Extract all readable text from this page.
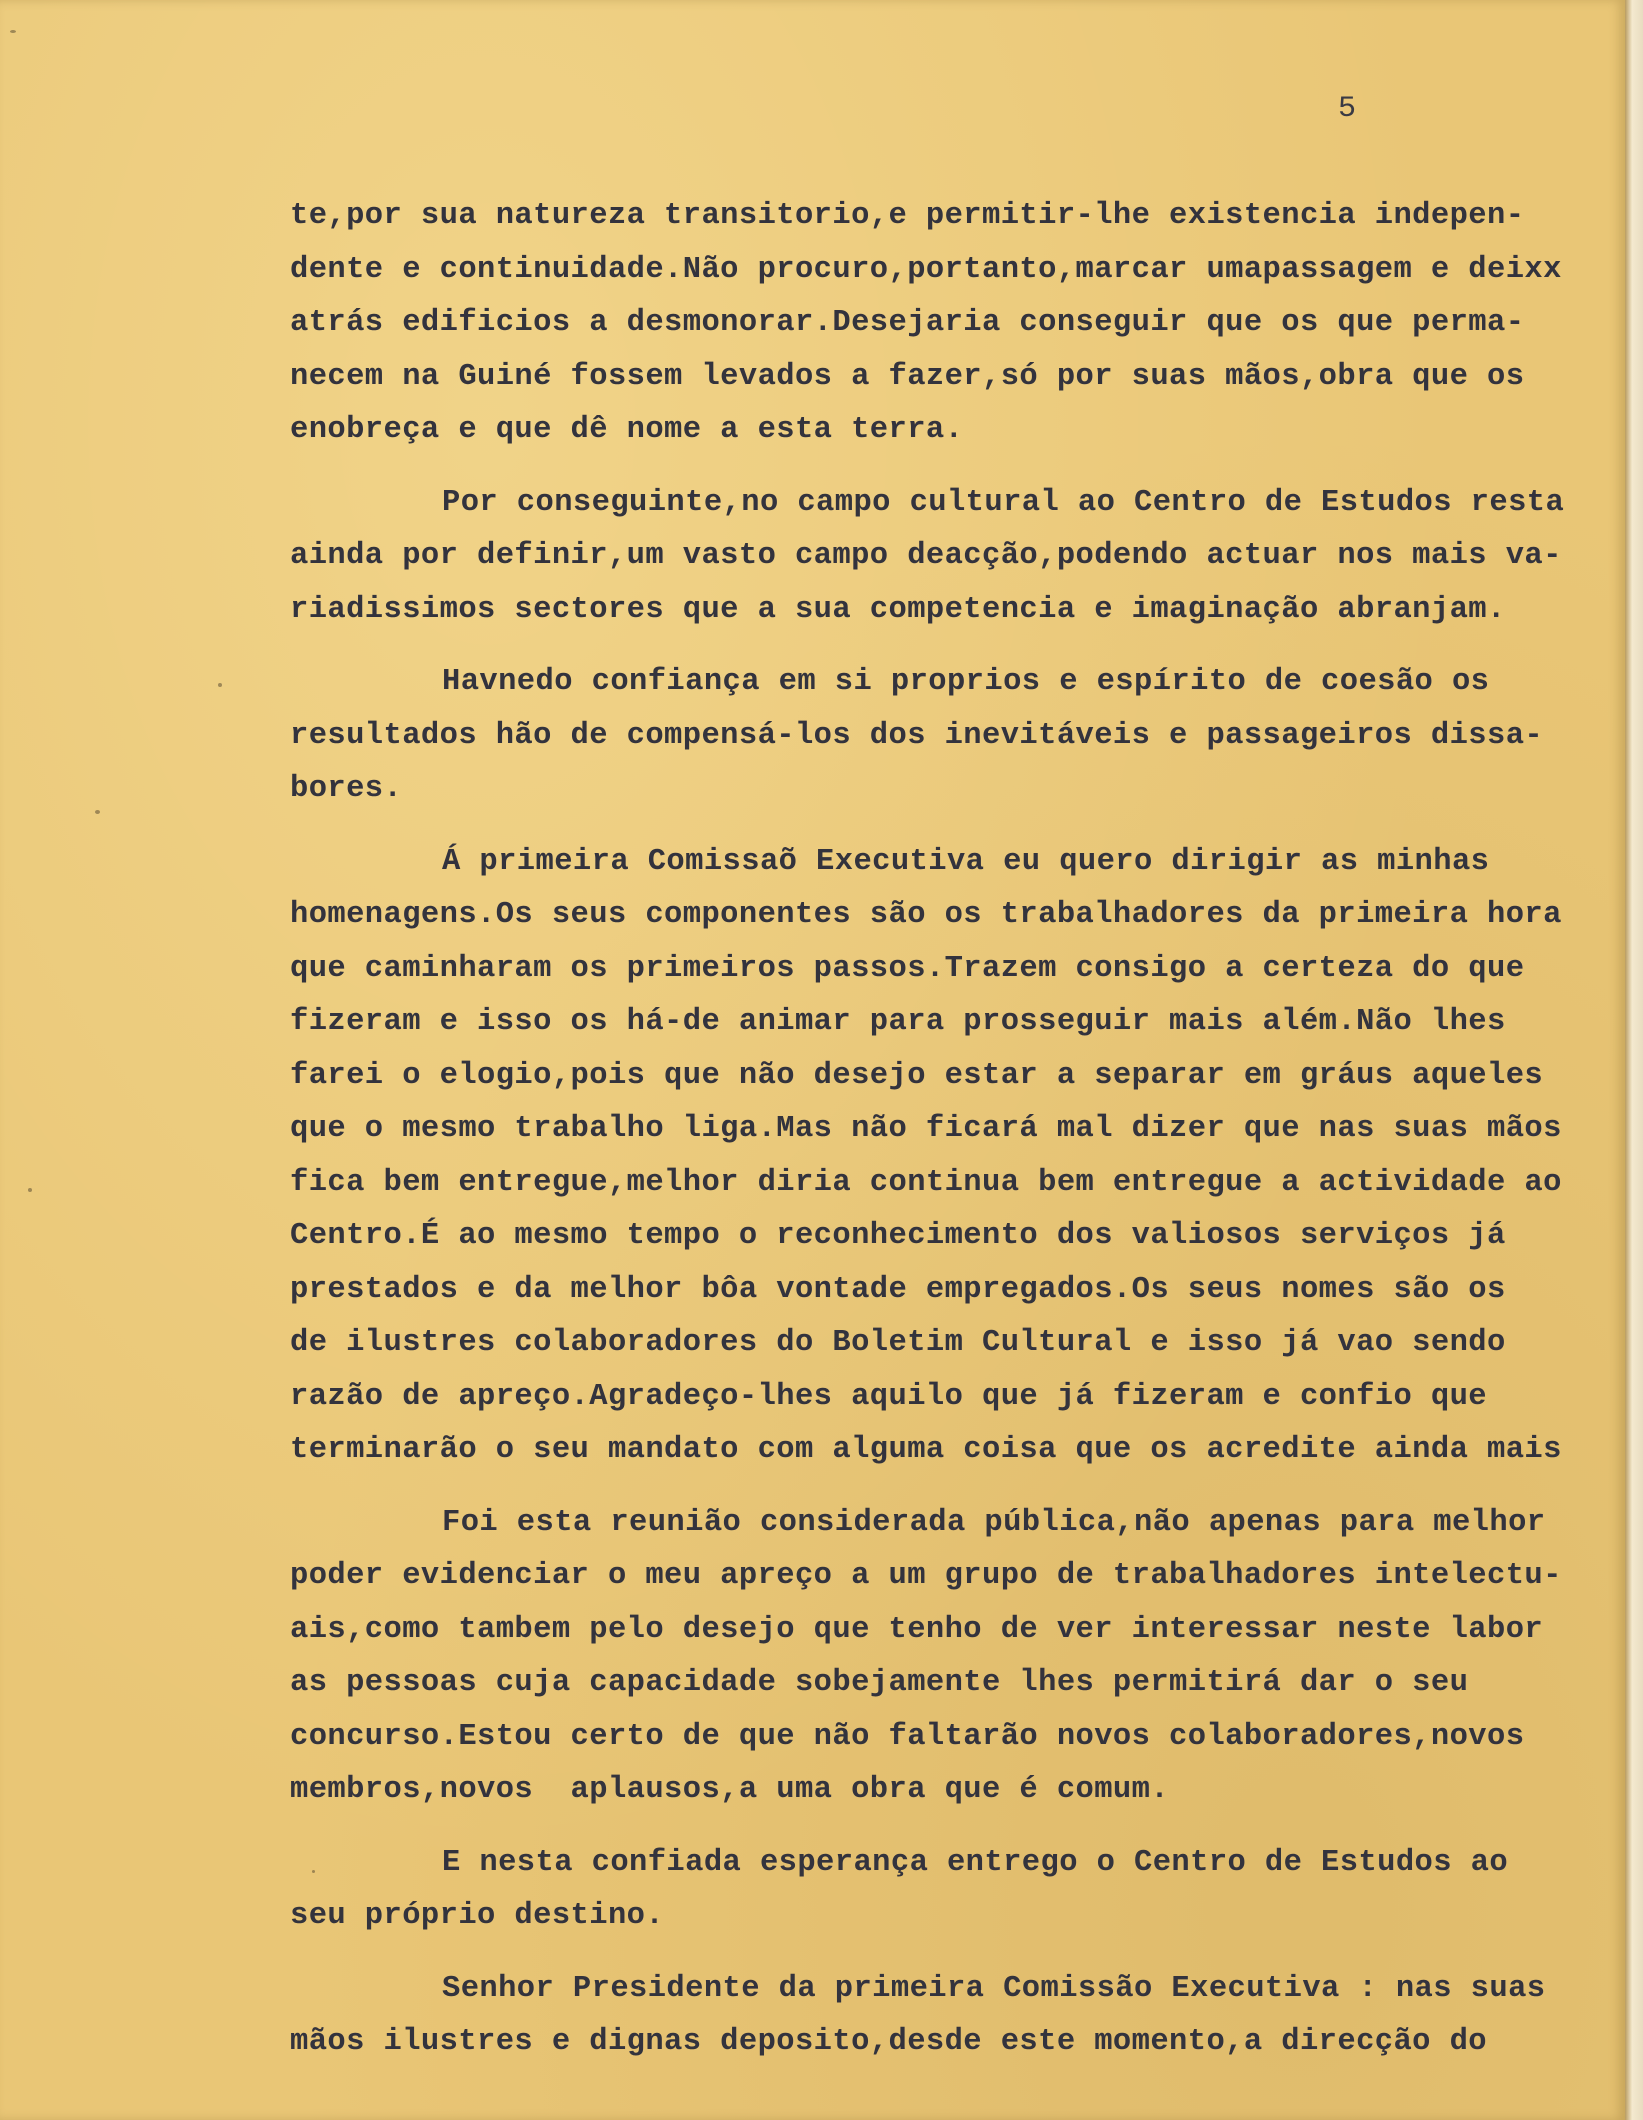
5
te,por sua natureza transitorio,e permitir-lhe existencia indepen-
dente e continuidade.Não procuro,portanto,marcar umapassagem e deixx
atrás edificios a desmonorar.Desejaria conseguir que os que perma-
necem na Guiné fossem levados a fazer,só por suas mãos,obra que os
enobreça e que dê nome a esta terra.
Por conseguinte,no campo cultural ao Centro de Estudos resta
ainda por definir,um vasto campo deacção,podendo actuar nos mais va-
riadissimos sectores que a sua competencia e imaginação abranjam.
Havnedo confiança em si proprios e espírito de coesão os
resultados hão de compensá-los dos inevitáveis e passageiros dissa-
bores.
Á primeira Comissaõ Executiva eu quero dirigir as minhas
homenagens.Os seus componentes são os trabalhadores da primeira hora
que caminharam os primeiros passos.Trazem consigo a certeza do que
fizeram e isso os há-de animar para prosseguir mais além.Não lhes
farei o elogio,pois que não desejo estar a separar em gráus aqueles
que o mesmo trabalho liga.Mas não ficará mal dizer que nas suas mãos
fica bem entregue,melhor diria continua bem entregue a actividade ao
Centro.É ao mesmo tempo o reconhecimento dos valiosos serviços já
prestados e da melhor bôa vontade empregados.Os seus nomes são os
de ilustres colaboradores do Boletim Cultural e isso já vao sendo
razão de apreço.Agradeço-lhes aquilo que já fizeram e confio que
terminarão o seu mandato com alguma coisa que os acredite ainda mais
Foi esta reunião considerada pública,não apenas para melhor
poder evidenciar o meu apreço a um grupo de trabalhadores intelectu-
ais,como tambem pelo desejo que tenho de ver interessar neste labor
as pessoas cuja capacidade sobejamente lhes permitirá dar o seu
concurso.Estou certo de que não faltarão novos colaboradores,novos
membros,novos  aplausos,a uma obra que é comum.
E nesta confiada esperança entrego o Centro de Estudos ao
seu próprio destino.
Senhor Presidente da primeira Comissão Executiva : nas suas
mãos ilustres e dignas deposito,desde este momento,a direcção do
